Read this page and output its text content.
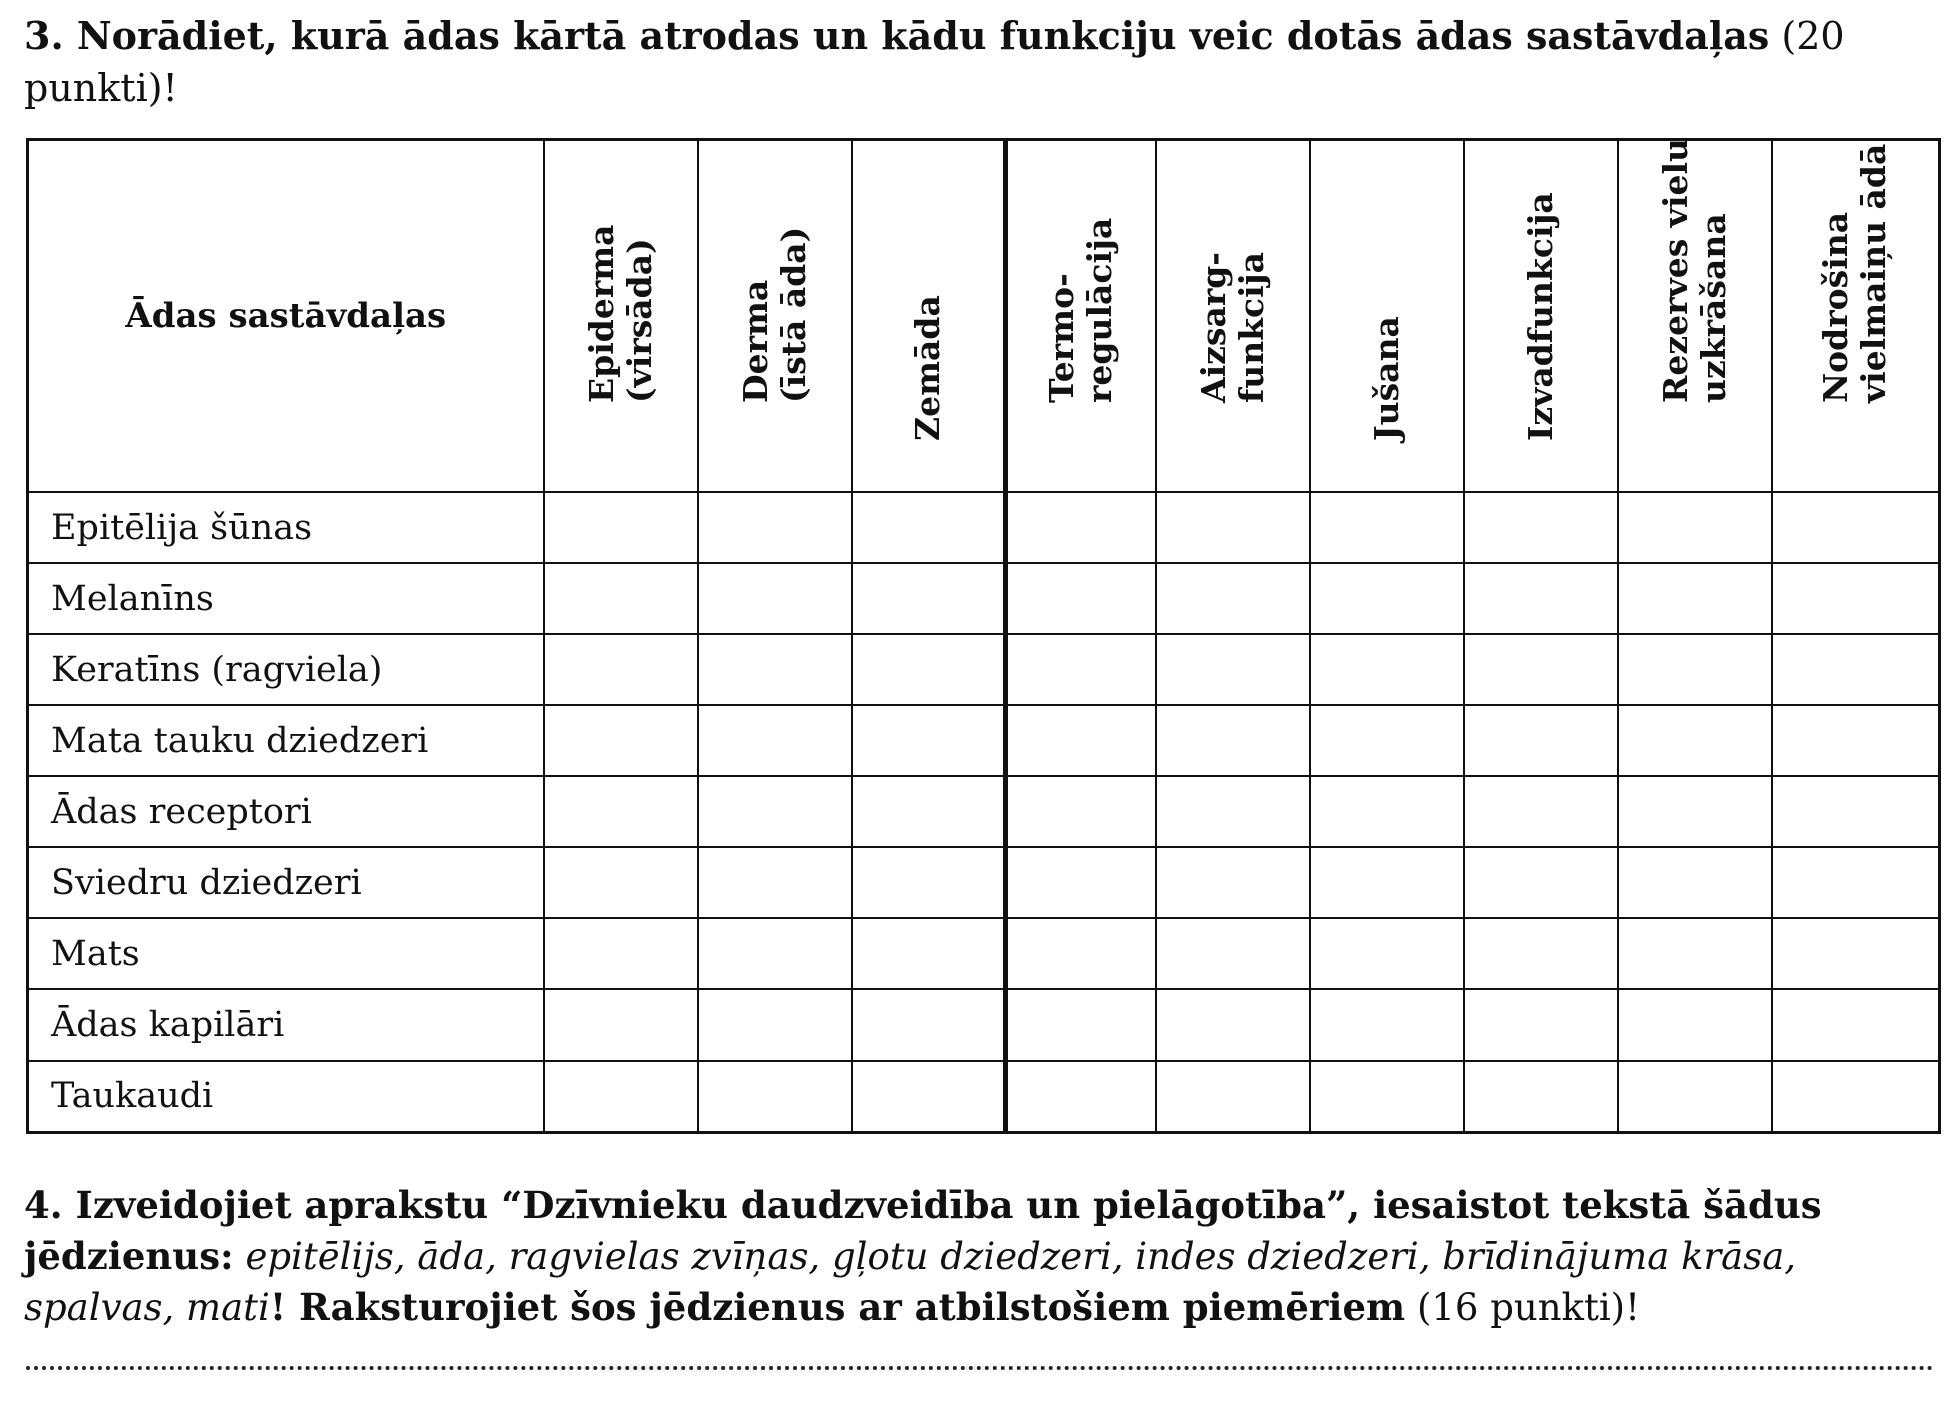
3. Norādiet, kurā ādas kārtā atrodas un kādu funkciju veic dotās ādas sastāvdaļas (20 punkti)!

Ādas sastāvdaļas	Epiderma (virsāda)	Derma (īstā āda)	Zemāda	Termo- regulācija	Aizsarg- funkcija	Jušana	Izvadfunkcija	Rezerves vielu uzkrāšana	Nodrošina vielmaiņu ādā

Epitēlija šūnas									
Melanīns									
Keratīns (ragviela)									
Mata tauku dziedzeri									
Ādas receptori									
Sviedru dziedzeri									
Mats									
Ādas kapilāri									
Taukaudi									

4. Izveidojiet aprakstu “Dzīvnieku daudzveidība un pielāgotība”, iesaistot tekstā šādus jēdzienus: epitēlijs, āda, ragvielas zvīņas, gļotu dziedzeri, indes dziedzeri, brīdinājuma krāsa, spalvas, mati! Raksturojiet šos jēdzienus ar atbilstošiem piemēriem (16 punkti)!
